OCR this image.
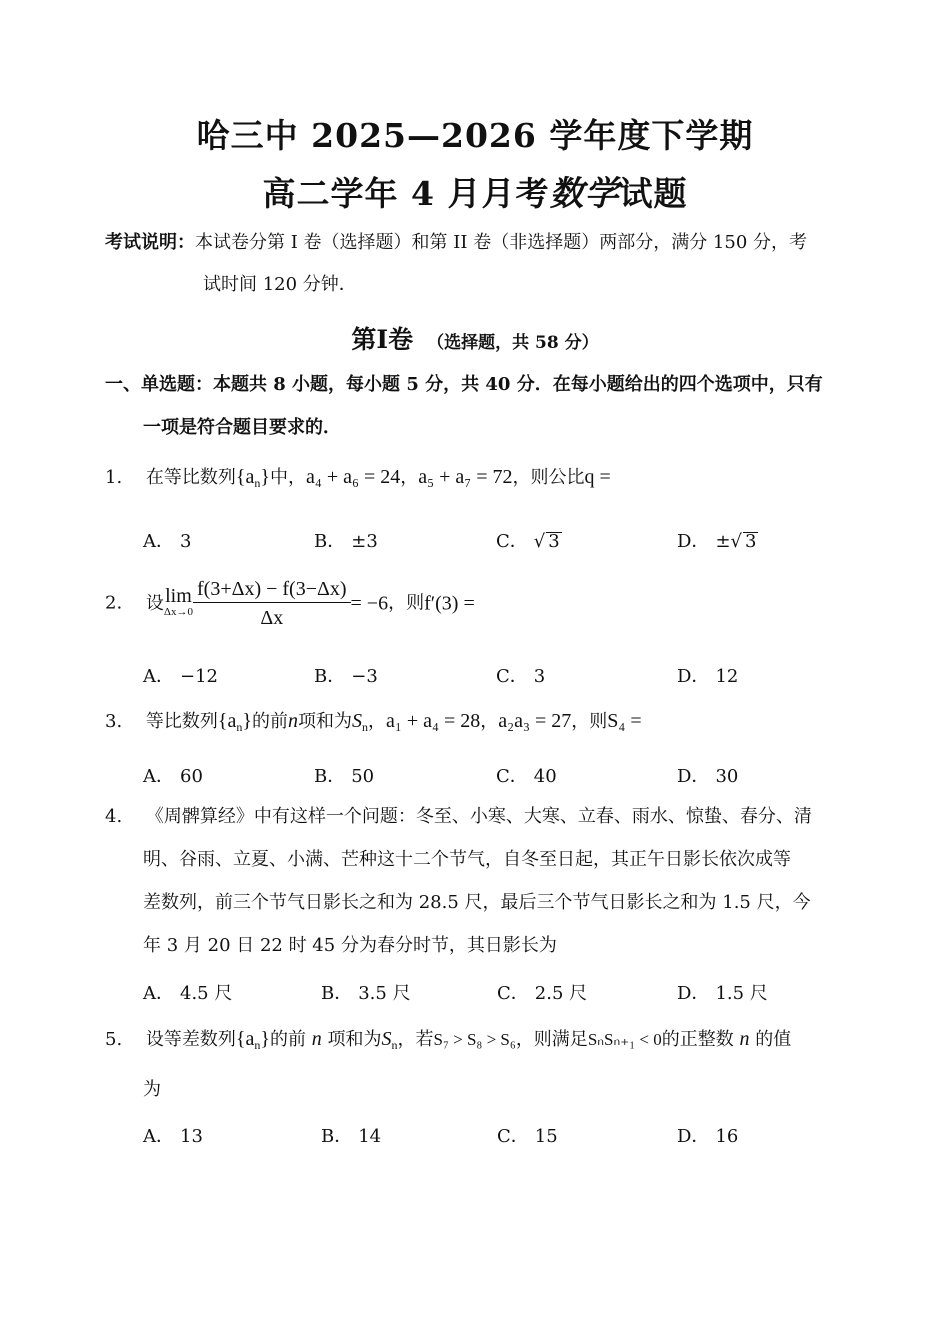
哈三中 2025—2026 学年度下学期
高二学年 4 月月考数学试题
考试说明：本试卷分第 I 卷（选择题）和第 II 卷（非选择题）两部分，满分 150 分，考
试时间 120 分钟．
第I卷 （选择题，共 58 分）
一、单选题：本题共 8 小题，每小题 5 分，共 40 分．在每小题给出的四个选项中，只有
一项是符合题目要求的．
1. 在等比数列$\{a_n\}$中，a₄ + a₆ = 24，a₅ + a₇ = 72，则公比q =
A． 3	B． ±3	C． √ 3	D． ±√ 3
2. 设lim
$\Delta x\to 0 \frac{f(3+\Delta x) - f(3-\Delta x)}{\Delta x} = -6$，则f′(3) =
A． −12	B． −3	C． 3	D． 12
3. 等比数列$\{a_n\}$的前n项和为$S_n$，a₁ + a₄ = 28，a₂a₃ = 27，则S₄ =
A． 60	B． 50	C． 40	D． 30
4. 《周髀算经》中有这样一个问题：冬至、小寒、大寒、立春、雨水、惊蛰、春分、清
明、谷雨、立夏、小满、芒种这十二个节气，自冬至日起，其正午日影长依次成等
差数列，前三个节气日影长之和为 28.5 尺，最后三个节气日影长之和为 1.5 尺，今
年 3 月 20 日 22 时 45 分为春分时节，其日影长为
A． 4.5 尺	B． 3.5 尺	C． 2.5 尺	D． 1.5 尺
5. 设等差数列$\{a_n\}$的前 n 项和为$S_n$，若S₇ > S₈ > S₆，则满足SₙSₙ₊₁ < 0的正整数 n 的值
为
A． 13	B． 14	C． 15	D． 16
